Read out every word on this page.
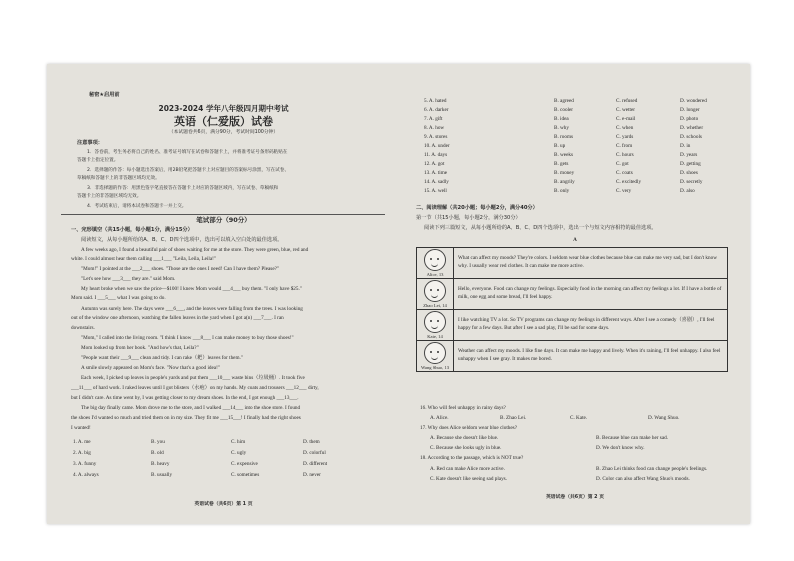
秘密★启用前
2023-2024 学年八年级四月期中考试
英语（仁爱版）试卷
（本试题卷共6页，满分90分，考试时间100分钟）
注意事项：
1．答卷前，考生务必将自己的姓名、准考证号填写在试卷和答题卡上，并将准考证号条形码粘贴在
答题卡上指定位置。
2．选择题的作答：每小题选出答案后，用2B铅笔把答题卡上对应题目的答案标号涂黑，写在试卷、
草稿纸和答题卡上的非答题区域均无效。
3．非选择题的作答：用黑色签字笔直接答在答题卡上对应的答题区域内，写在试卷、草稿纸和
答题卡上的非答题区域均无效。
4．考试结束后，请将本试卷和答题卡一并上交。
笔试部分（90分）
一、完形填空（共15小题，每小题1分，满分15分）
阅读短文，从每小题所给的A、B、C、D四个选项中，选出可以填入空白处的最佳选项。
A few weeks ago, I found a beautiful pair of shoes waiting for me at the store. They were green, blue, red and
white. I could almost hear them calling ___1___ "Leila, Leila, Leila!"
"Mom!" I pointed at the ___2___ shoes. "Those are the ones I need! Can I have them? Please?"
"Let's see how ___3___ they are." said Mom.
My heart broke when we saw the price—$100! I knew Mom would ___4___ buy them. "I only have $25."
Mom said. I ___5___ what I was going to do.
Autumn was surely here. The days were ___6___, and the leaves were falling from the trees. I was looking
out of the window one afternoon, watching the fallen leaves in the yard when I got a(n) ___7___. I ran
downstairs.
"Mom," I called into the living room. "I think I know ___8___ I can make money to buy those shoes!"
Mom looked up from her book. "And how's that, Leila?"
"People want their ___9___ clean and tidy. I can rake（耙）leaves for them."
A smile slowly appeared on Mom's face. "Now that's a good idea!"
Each week, I picked up leaves in people's yards and put them ___10___ waste bins（垃圾桶）. It took five
___11___ of hard work. I raked leaves until I got blisters（水疱）on my hands. My coats and trousers ___12___ dirty,
but I didn't care. As time went by, I was getting closer to my dream shoes. In the end, I got enough ___13___.
The big day finally came. Mom drove me to the store, and I walked ___14___ into the shoe store. I found
the shoes I'd wanted so much and tried them on in my size. They fit me ___15___! I finally had the right shoes
I wanted!
1. A. me	B. you	C. him	D. them
2. A. big	B. old	C. ugly	D. colorful
3. A. funny	B. heavy	C. expensive	D. different
4. A. always	B. usually	C. sometimes	D. never
英语试卷（共6页）第 1 页
5. A. hated	B. agreed	C. refused	D. wondered
6. A. darker	B. cooler	C. wetter	D. longer
7. A. gift	B. idea	C. e-mail	D. photo
8. A. how	B. why	C. when	D. whether
9. A. stores	B. rooms	C. yards	D. schools
10. A. under	B. up	C. from	D. in
11. A. days	B. weeks	C. hours	D. years
12. A. got	B. gets	C. got	D. getting
13. A. time	B. money	C. coats	D. shoes
14. A. sadly	B. angrily	C. excitedly	D. secretly
15. A. well	B. only	C. very	D. also
二、阅读理解（共20小题；每小题2分，满分40分）
第一节（共15小题，每小题2分，满分30分）
阅读下列三篇短文，从每小题所给的A、B、C、D四个选项中，选出一个与短文内容相符的最佳选项。
A
Alice, 13	What can affect my moods? They're colors. I seldom wear blue clothes because blue can make me very sad, but I don't know why. I usually wear red clothes. It can make me more active.

Zhao Lei, 14	Hello, everyone. Food can change my feelings. Especially food in the morning can affect my feelings a lot. If I have a bottle of milk, one egg and some bread, I'll feel happy.

Kate, 14	I like watching TV a lot. So TV programs can change my feelings in different ways. After I see a comedy（喜剧）, I'll feel happy for a few days. But after I see a sad play, I'll be sad for some days.

Wang Shuo, 13	Weather can affect my moods. I like fine days. It can make me happy and lively. When it's raining, I'll feel unhappy. I also feel unhappy when I see gray. It makes me bored.
16. Who will feel unhappy in rainy days?
A. Alice.	B. Zhao Lei.	C. Kate.	D. Wang Shuo.
17. Why does Alice seldom wear blue clothes?
A. Because she doesn't like blue.	B. Because blue can make her sad.
C. Because she looks ugly in blue.	D. We don't know why.
18. According to the passage, which is NOT true?
A. Red can make Alice more active.	B. Zhao Lei thinks food can change people's feelings.
C. Kate doesn't like seeing sad plays.	D. Color can also affect Wang Shuo's moods.
英语试卷（共6页）第 2 页
